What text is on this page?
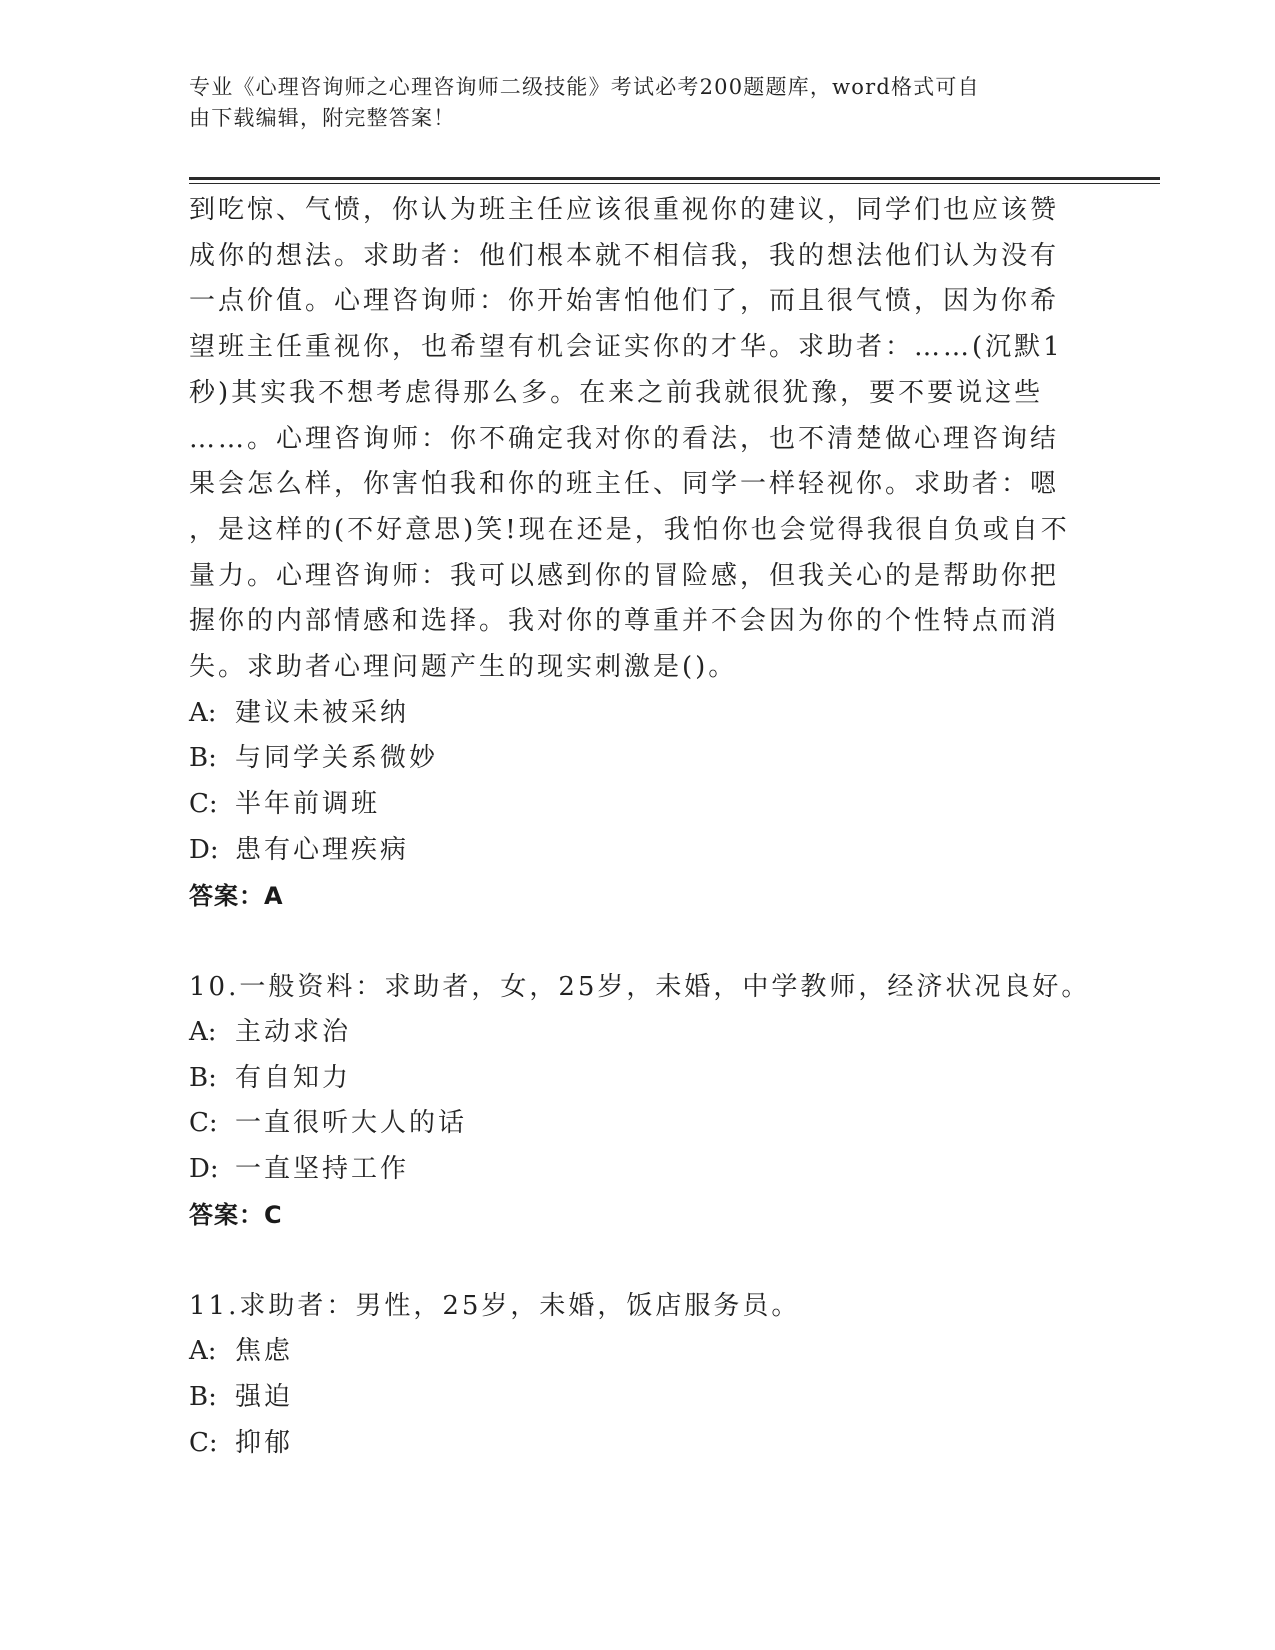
专业《心理咨询师之心理咨询师二级技能》考试必考200题题库，word格式可自
由下载编辑，附完整答案！
到吃惊、气愤，你认为班主任应该很重视你的建议，同学们也应该赞
成你的想法。求助者：他们根本就不相信我，我的想法他们认为没有
一点价值。心理咨询师：你开始害怕他们了，而且很气愤，因为你希
望班主任重视你，也希望有机会证实你的才华。求助者：……(沉默1
秒)其实我不想考虑得那么多。在来之前我就很犹豫，要不要说这些
……。心理咨询师：你不确定我对你的看法，也不清楚做心理咨询结
果会怎么样，你害怕我和你的班主任、同学一样轻视你。求助者：嗯
，是这样的(不好意思)笑!现在还是，我怕你也会觉得我很自负或自不
量力。心理咨询师：我可以感到你的冒险感，但我关心的是帮助你把
握你的内部情感和选择。我对你的尊重并不会因为你的个性特点而消
失。求助者心理问题产生的现实刺激是()。
A: 建议未被采纳
B: 与同学关系微妙
C: 半年前调班
D: 患有心理疾病
答案：A
10.一般资料：求助者，女，25岁，未婚，中学教师，经济状况良好。
A: 主动求治
B: 有自知力
C: 一直很听大人的话
D: 一直坚持工作
答案：C
11.求助者：男性，25岁，未婚，饭店服务员。
A: 焦虑
B: 强迫
C: 抑郁
